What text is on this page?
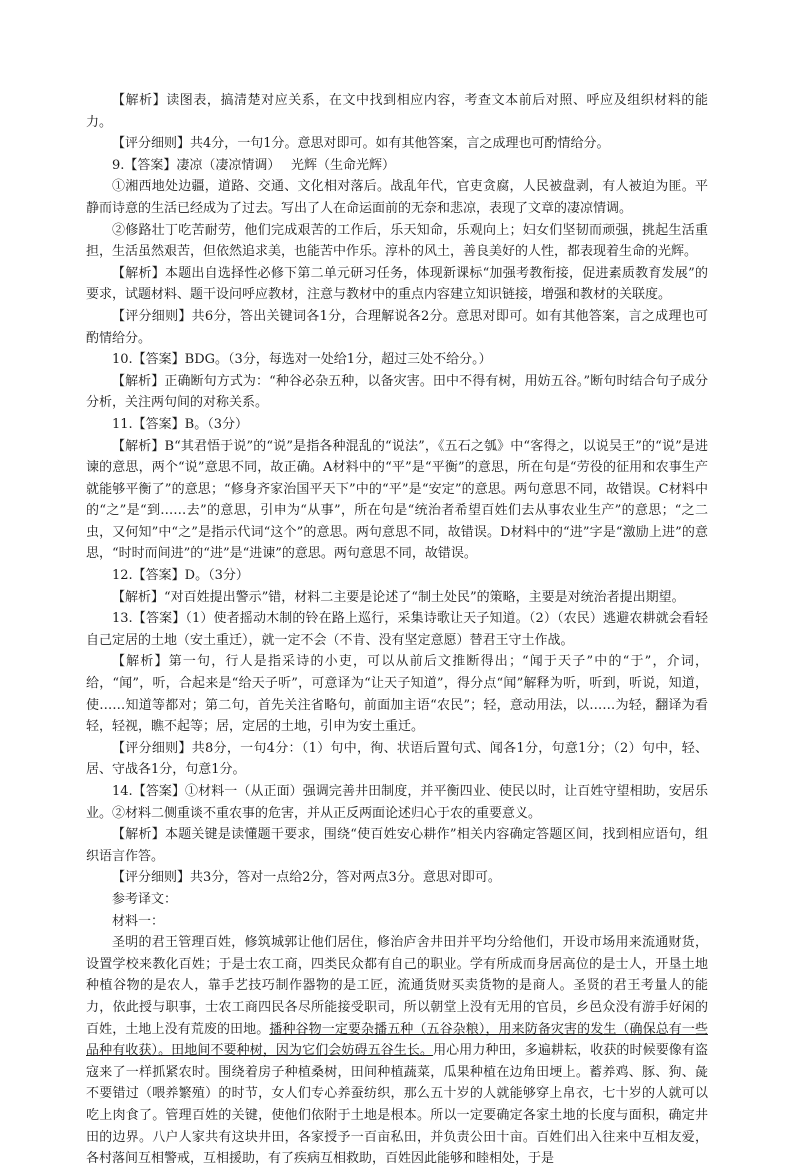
【解析】读图表，搞清楚对应关系，在文中找到相应内容，考查文本前后对照、呼应及组织材料的能力。

【评分细则】共4分，一句1分。意思对即可。如有其他答案，言之成理也可酌情给分。

9.【答案】凄凉（凄凉情调）　 光辉（生命光辉）

①湘西地处边疆，道路、交通、文化相对落后。战乱年代，官吏贪腐，人民被盘剥，有人被迫为匪。平静而诗意的生活已经成为了过去。写出了人在命运面前的无奈和悲凉，表现了文章的凄凉情调。

②修路壮丁吃苦耐劳，他们完成艰苦的工作后，乐天知命，乐观向上；妇女们坚韧而顽强，挑起生活重担，生活虽然艰苦，但依然追求美，也能苦中作乐。淳朴的风土，善良美好的人性，都表现着生命的光辉。

【解析】本题出自选择性必修下第二单元研习任务，体现新课标“加强考教衔接，促进素质教育发展”的要求，试题材料、题干设问呼应教材，注意与教材中的重点内容建立知识链接，增强和教材的关联度。

【评分细则】共6分，答出关键词各1分，合理解说各2分。意思对即可。如有其他答案，言之成理也可酌情给分。

10.【答案】BDG。（3分，每选对一处给1分，超过三处不给分。）

【解析】正确断句方式为：“种谷必杂五种，以备灾害。田中不得有树，用妨五谷。”断句时结合句子成分分析，关注两句间的对称关系。

11.【答案】B。（3分）

【解析】B“其君悟于说”的“说”是指各种混乱的“说法”，《五石之瓠》中“客得之，以说吴王”的“说”是进谏的意思，两个“说”意思不同，故正确。A材料中的“平”是“平衡”的意思，所在句是“劳役的征用和农事生产就能够平衡了”的意思；“修身齐家治国平天下”中的“平”是“安定”的意思。两句意思不同，故错误。C材料中的“之”是“到……去”的意思，引申为“从事”，所在句是“统治者希望百姓们去从事农业生产”的意思；“之二虫，又何知”中“之”是指示代词“这个”的意思。两句意思不同，故错误。D材料中的“进”字是“激励上进”的意思，“时时而间进”的“进”是“进谏”的意思。两句意思不同，故错误。

12.【答案】D。（3分）

【解析】“对百姓提出警示”错，材料二主要是论述了“制土处民”的策略，主要是对统治者提出期望。

13.【答案】（1）使者摇动木制的铃在路上巡行，采集诗歌让天子知道。（2）（农民）逃避农耕就会看轻自己定居的土地（安土重迁），就一定不会（不肯、没有坚定意愿）替君王守土作战。

【解析】第一句，行人是指采诗的小吏，可以从前后文推断得出；“闻于天子”中的“于”，介词，给，“闻”，听，合起来是“给天子听”，可意译为“让天子知道”，得分点“闻”解释为听，听到，听说，知道，使……知道等都对；第二句，首先关注省略句，前面加主语“农民”；轻，意动用法，以……为轻，翻译为看轻，轻视，瞧不起等；居，定居的土地，引申为安土重迁。

【评分细则】共8分，一句4分：（1）句中，徇、状语后置句式、闻各1分，句意1分；（2）句中，轻、居、守战各1分，句意1分。

14.【答案】①材料一（从正面）强调完善井田制度，并平衡四业、使民以时，让百姓守望相助，安居乐业。②材料二侧重谈不重农事的危害，并从正反两面论述归心于农的重要意义。

【解析】本题关键是读懂题干要求，围绕“使百姓安心耕作”相关内容确定答题区间，找到相应语句，组织语言作答。

【评分细则】共3分，答对一点给2分，答对两点3分。意思对即可。

参考译文：

材料一：

圣明的君王管理百姓，修筑城郭让他们居住，修治庐舍井田并平均分给他们，开设市场用来流通财货，设置学校来教化百姓；于是士农工商，四类民众都有自己的职业。学有所成而身居高位的是士人，开垦土地种植谷物的是农人，靠手艺技巧制作器物的是工匠，流通货财买卖货物的是商人。圣贤的君王考量人的能力，依此授与职事，士农工商四民各尽所能接受职司，所以朝堂上没有无用的官员，乡邑众没有游手好闲的百姓，土地上没有荒废的田地。播种谷物一定要杂播五种（五谷杂粮），用来防备灾害的发生（确保总有一些品种有收获）。田地间不要种树，因为它们会妨碍五谷生长。用心用力种田，多遍耕耘，收获的时候要像有盗寇来了一样抓紧农时。围绕着房子种植桑树，田间种植蔬菜，瓜果种植在边角田埂上。蓄养鸡、豚、狗、彘不要错过（喂养繁殖）的时节，女人们专心养蚕纺织，那么五十岁的人就能够穿上帛衣，七十岁的人就可以吃上肉食了。管理百姓的关键，使他们依附于土地是根本。所以一定要确定各家土地的长度与面积，确定井田的边界。八户人家共有这块井田，各家授予一百亩私田，并负责公田十亩。百姓们出入往来中互相友爱，各村落间互相警戒，互相援助，有了疾病互相救助，百姓因此能够和睦相处，于是
